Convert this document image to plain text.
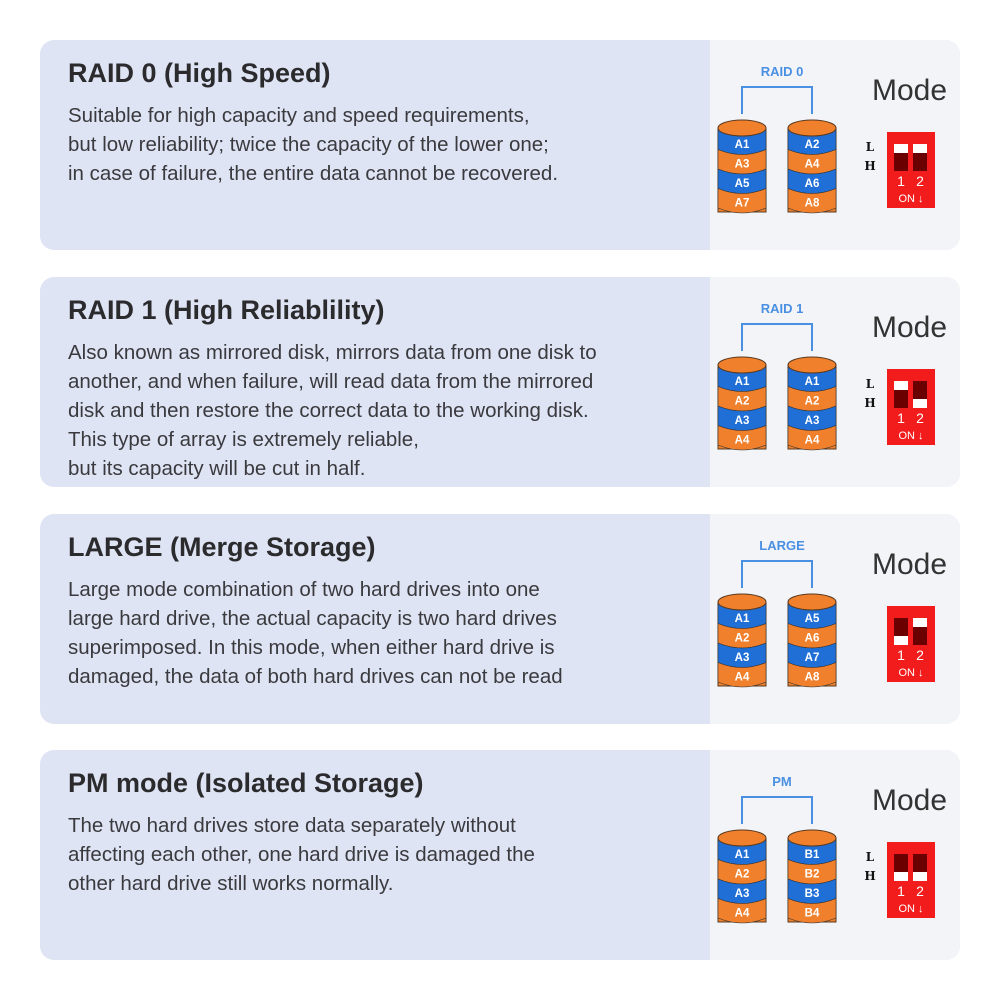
RAID 0 (High Speed)
Suitable for high capacity and speed requirements,
but low reliability; twice the capacity of the lower one;
in case of failure, the entire data cannot be recovered.
RAID 0
A1
A3
A5
A7
A2
A4
A6
A8
L
H
1 2
ON ↓
Mode
RAID 1 (High Reliablility)
Also known as mirrored disk, mirrors data from one disk to
another, and when failure, will read data from the mirrored
disk and then restore the correct data to the working disk.
This type of array is extremely reliable,
but its capacity will be cut in half.
RAID 1
A1
A2
A3
A4
A1
A2
A3
A4
L
H
1 2
ON ↓
Mode
LARGE (Merge Storage)
Large mode combination of two hard drives into one
large hard drive, the actual capacity is two hard drives
superimposed. In this mode, when either hard drive is
damaged, the data of both hard drives can not be read
LARGE
A1
A2
A3
A4
A5
A6
A7
A8
1 2
ON ↓
Mode
PM mode (Isolated Storage)
The two hard drives store data separately without
affecting each other, one hard drive is damaged the
other hard drive still works normally.
PM
A1
A2
A3
A4
B1
B2
B3
B4
L
H
1 2
ON ↓
Mode
